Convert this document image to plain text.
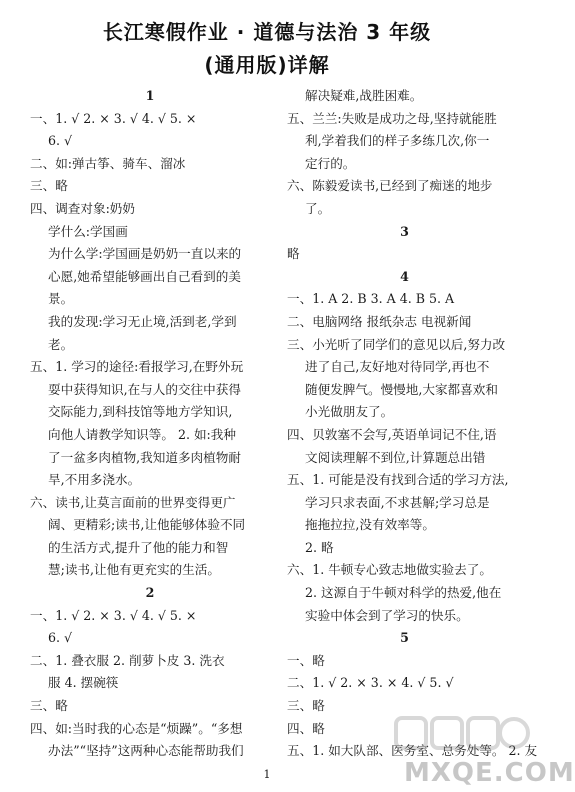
长江寒假作业 · 道德与法治 3 年级
(通用版)详解
1
一、1. √ 2. × 3. √ 4. √ 5. ×
6. √
二、如:弹古筝、骑车、溜冰
三、略
四、调查对象:奶奶
学什么:学国画
为什么学:学国画是奶奶一直以来的
心愿,她希望能够画出自己看到的美
景。
我的发现:学习无止境,活到老,学到
老。
五、1. 学习的途径:看报学习,在野外玩
耍中获得知识,在与人的交往中获得
交际能力,到科技馆等地方学知识,
向他人请教学知识等。 2. 如:我种
了一盆多肉植物,我知道多肉植物耐
旱,不用多浇水。
六、读书,让莫言面前的世界变得更广
阔、更精彩;读书,让他能够体验不同
的生活方式,提升了他的能力和智
慧;读书,让他有更充实的生活。
2
一、1. √ 2. × 3. √ 4. √ 5. ×
6. √
二、1. 叠衣服 2. 削萝卜皮 3. 洗衣
服 4. 摆碗筷
三、略
四、如:当时我的心态是“烦躁”。“多想
办法”“坚持”这两种心态能帮助我们
解决疑难,战胜困难。
五、兰兰:失败是成功之母,坚持就能胜
利,学着我们的样子多练几次,你一
定行的。
六、陈毅爱读书,已经到了痴迷的地步
了。
3
略
4
一、1. A 2. B 3. A 4. B 5. A
二、电脑网络 报纸杂志 电视新闻
三、小光听了同学们的意见以后,努力改
进了自己,友好地对待同学,再也不
随便发脾气。慢慢地,大家都喜欢和
小光做朋友了。
四、贝敦塞不会写,英语单词记不住,语
文阅读理解不到位,计算题总出错
五、1. 可能是没有找到合适的学习方法,
学习只求表面,不求甚解;学习总是
拖拖拉拉,没有效率等。
2. 略
六、1. 牛顿专心致志地做实验去了。
2. 这源自于牛顿对科学的热爱,他在
实验中体会到了学习的快乐。
5
一、略
二、1. √ 2. × 3. × 4. √ 5. √
三、略
四、略
五、1. 如大队部、医务室、总务处等。 2. 友
1	MXQE.COM
